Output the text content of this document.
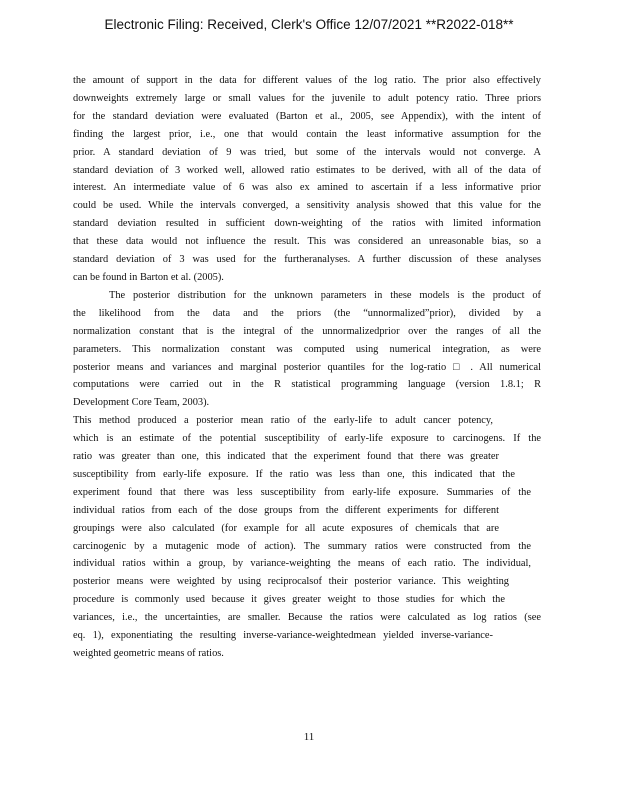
Electronic Filing: Received, Clerk's Office 12/07/2021 **R2022-018**
the amount of support in the data for different values of the log ratio. The prior also effectively
downweights extremely large or small values for the juvenile to adult potency ratio. Three priors
for the standard deviation were evaluated (Barton et al., 2005, see Appendix), with the intent of
finding the largest prior, i.e., one that would contain the least informative assumption for the
prior. A standard deviation of 9 was tried, but some of the intervals would not converge. A
standard deviation of 3 worked well, allowed ratio estimates to be derived, with all of the data of
interest. An intermediate value of 6 was also ex amined to ascertain if a less informative prior
could be used. While the intervals converged, a sensitivity analysis showed that this value for the
standard deviation resulted in sufficient down-weighting of the ratios with limited information
that these data would not influence the result. This was considered an unreasonable bias, so a
standard deviation of 3 was used for the furtheranalyses. A further discussion of these analyses
can be found in Barton et al. (2005).
The posterior distribution for the unknown parameters in these models is the product of
the likelihood from the data and the priors (the “unnormalized”prior), divided by a
normalization constant that is the integral of the unnormalizedprior over the ranges of all the
parameters. This normalization constant was computed using numerical integration, as were
posterior means and variances and marginal posterior quantiles for the log-ratio □ . All numerical
computations were carried out in the R statistical programming language (version 1.8.1; R
Development Core Team, 2003).
This method produced a posterior mean ratio of the early-life to adult cancer potency,
which is an estimate of the potential susceptibility of early-life exposure to carcinogens. If the
ratio was greater than one, this indicated that the experiment found that there was greater
susceptibility from early-life exposure. If the ratio was less than one, this indicated that the
experiment found that there was less susceptibility from early-life exposure. Summaries of the
individual ratios from each of the dose groups from the different experiments for different
groupings were also calculated (for example for all acute exposures of chemicals that are
carcinogenic by a mutagenic mode of action). The summary ratios were constructed from the
individual ratios within a group, by variance-weighting the means of each ratio. The individual,
posterior means were weighted by using reciprocalsof their posterior variance. This weighting
procedure is commonly used because it gives greater weight to those studies for which the
variances, i.e., the uncertainties, are smaller. Because the ratios were calculated as log ratios (see
eq. 1), exponentiating the resulting inverse-variance-weightedmean yielded inverse-variance-
weighted geometric means of ratios.
11
